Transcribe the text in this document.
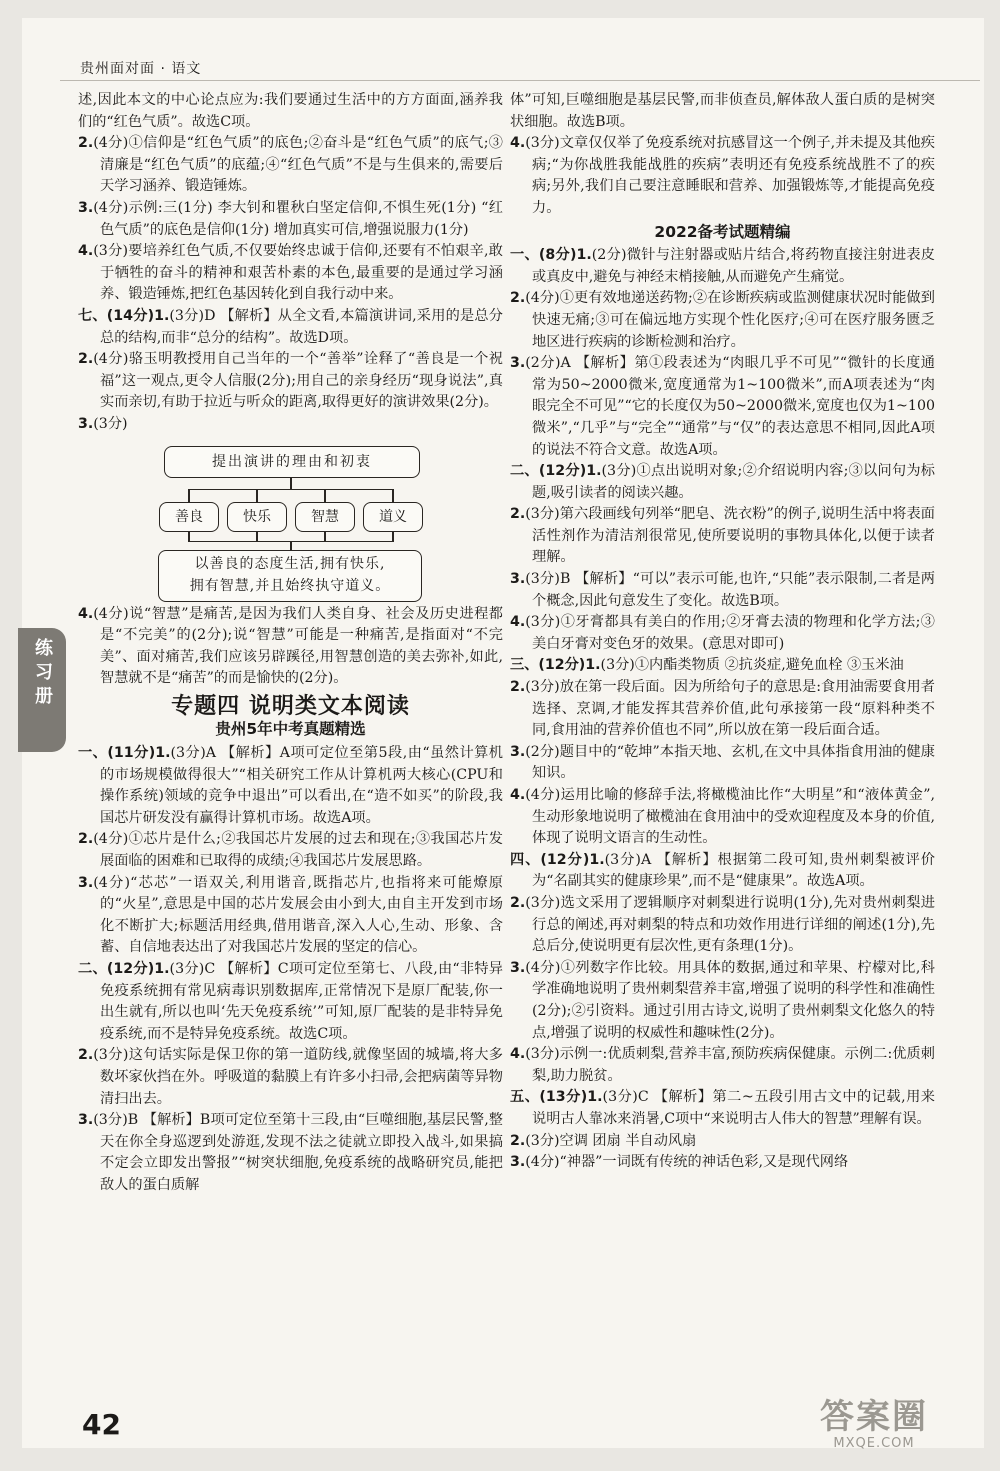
贵州面对面 · 语文
练习册

述,因此本文的中心论点应为:我们要通过生活中的方方面面,涵养我们的“红色气质”。故选C项。

2.(4分)①信仰是“红色气质”的底色;②奋斗是“红色气质”的底气;③清廉是“红色气质”的底蕴;④“红色气质”不是与生俱来的,需要后天学习涵养、锻造锤炼。

3.(4分)示例:三(1分) 李大钊和瞿秋白坚定信仰,不惧生死(1分) “红色气质”的底色是信仰(1分) 增加真实可信,增强说服力(1分)

4.(3分)要培养红色气质,不仅要始终忠诚于信仰,还要有不怕艰辛,敢于牺牲的奋斗的精神和艰苦朴素的本色,最重要的是通过学习涵养、锻造锤炼,把红色基因转化到自我行动中来。

七、(14分)1.(3分)D 【解析】从全文看,本篇演讲词,采用的是总分总的结构,而非“总分的结构”。故选D项。

2.(4分)骆玉明教授用自己当年的一个“善举”诠释了“善良是一个祝福”这一观点,更令人信服(2分);用自己的亲身经历“现身说法”,真实而亲切,有助于拉近与听众的距离,取得更好的演讲效果(2分)。

3.(3分)

提出演讲的理由和初衷
善良	快乐	智慧	道义
以善良的态度生活,拥有快乐,
拥有智慧,并且始终执守道义。

4.(4分)说“智慧”是痛苦,是因为我们人类自身、社会及历史进程都是“不完美”的(2分);说“智慧”可能是一种痛苦,是指面对“不完美”、面对痛苦,我们应该另辟蹊径,用智慧创造的美去弥补,如此,智慧就不是“痛苦”的而是愉快的(2分)。

专题四 说明类文本阅读
贵州5年中考真题精选

一、(11分)1.(3分)A 【解析】A项可定位至第5段,由“虽然计算机的市场规模做得很大”“相关研究工作从计算机两大核心(CPU和操作系统)领域的竞争中退出”可以看出,在“造不如买”的阶段,我国芯片研发没有赢得计算机市场。故选A项。

2.(4分)①芯片是什么;②我国芯片发展的过去和现在;③我国芯片发展面临的困难和已取得的成绩;④我国芯片发展思路。

3.(4分)“芯芯”一语双关,利用谐音,既指芯片,也指将来可能燎原的“火星”,意思是中国的芯片发展会由小到大,由自主开发到市场化不断扩大;标题活用经典,借用谐音,深入人心,生动、形象、含蓄、自信地表达出了对我国芯片发展的坚定的信心。

二、(12分)1.(3分)C 【解析】C项可定位至第七、八段,由“非特异免疫系统拥有常见病毒识别数据库,正常情况下是原厂配装,你一出生就有,所以也叫‘先天免疫系统’”可知,原厂配装的是非特异免疫系统,而不是特异免疫系统。故选C项。

2.(3分)这句话实际是保卫你的第一道防线,就像坚固的城墙,将大多数坏家伙挡在外。呼吸道的黏膜上有许多小扫帚,会把病菌等异物清扫出去。

3.(3分)B 【解析】B项可定位至第十三段,由“巨噬细胞,基层民警,整天在你全身巡逻到处游逛,发现不法之徒就立即投入战斗,如果搞不定会立即发出警报”“树突状细胞,免疫系统的战略研究员,能把敌人的蛋白质解

体”可知,巨噬细胞是基层民警,而非侦查员,解体敌人蛋白质的是树突状细胞。故选B项。

4.(3分)文章仅仅举了免疫系统对抗感冒这一个例子,并未提及其他疾病;“为你战胜我能战胜的疾病”表明还有免疫系统战胜不了的疾病;另外,我们自己要注意睡眠和营养、加强锻炼等,才能提高免疫力。

2022备考试题精编

一、(8分)1.(2分)微针与注射器或贴片结合,将药物直接注射进表皮或真皮中,避免与神经末梢接触,从而避免产生痛觉。

2.(4分)①更有效地递送药物;②在诊断疾病或监测健康状况时能做到快速无痛;③可在偏远地方实现个性化医疗;④可在医疗服务匮乏地区进行疾病的诊断检测和治疗。

3.(2分)A 【解析】第①段表述为“肉眼几乎不可见”“微针的长度通常为50~2000微米,宽度通常为1~100微米”,而A项表述为“肉眼完全不可见”“它的长度仅为50~2000微米,宽度也仅为1~100微米”,“几乎”与“完全”“通常”与“仅”的表达意思不相同,因此A项的说法不符合文意。故选A项。

二、(12分)1.(3分)①点出说明对象;②介绍说明内容;③以问句为标题,吸引读者的阅读兴趣。

2.(3分)第六段画线句列举“肥皂、洗衣粉”的例子,说明生活中将表面活性剂作为清洁剂很常见,使所要说明的事物具体化,以便于读者理解。

3.(3分)B 【解析】“可以”表示可能,也许,“只能”表示限制,二者是两个概念,因此句意发生了变化。故选B项。

4.(3分)①牙膏都具有美白的作用;②牙膏去渍的物理和化学方法;③美白牙膏对变色牙的效果。(意思对即可)

三、(12分)1.(3分)①内酯类物质 ②抗炎症,避免血栓 ③玉米油

2.(3分)放在第一段后面。因为所给句子的意思是:食用油需要食用者选择、烹调,才能发挥其营养价值,此句承接第一段“原料种类不同,食用油的营养价值也不同”,所以放在第一段后面合适。

3.(2分)题目中的“乾坤”本指天地、玄机,在文中具体指食用油的健康知识。

4.(4分)运用比喻的修辞手法,将橄榄油比作“大明星”和“液体黄金”,生动形象地说明了橄榄油在食用油中的受欢迎程度及本身的价值,体现了说明文语言的生动性。

四、(12分)1.(3分)A 【解析】根据第二段可知,贵州刺梨被评价为“名副其实的健康珍果”,而不是“健康果”。故选A项。

2.(3分)选文采用了逻辑顺序对刺梨进行说明(1分),先对贵州刺梨进行总的阐述,再对刺梨的特点和功效作用进行详细的阐述(1分),先总后分,使说明更有层次性,更有条理(1分)。

3.(4分)①列数字作比较。用具体的数据,通过和苹果、柠檬对比,科学准确地说明了贵州刺梨营养丰富,增强了说明的科学性和准确性(2分);②引资料。通过引用古诗文,说明了贵州刺梨文化悠久的特点,增强了说明的权威性和趣味性(2分)。

4.(3分)示例一:优质刺梨,营养丰富,预防疾病保健康。示例二:优质刺梨,助力脱贫。

五、(13分)1.(3分)C 【解析】第二~五段引用古文中的记载,用来说明古人靠冰来消暑,C项中“来说明古人伟大的智慧”理解有误。

2.(3分)空调 团扇 半自动风扇

3.(4分)“神器”一词既有传统的神话色彩,又是现代网络

42	答案圈
MXQE.COM
